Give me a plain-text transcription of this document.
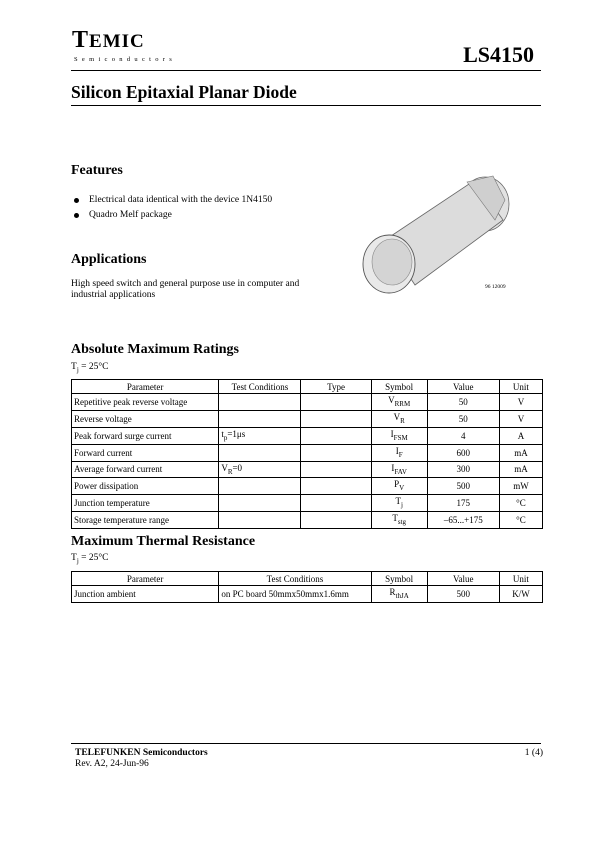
TEMIC
Semiconductors	LS4150
Silicon Epitaxial Planar Diode
Features
Electrical data identical with the device 1N4150
Quadro Melf package
Applications
High speed switch and general purpose use in computer and industrial applications
96 12009
Absolute Maximum Ratings
$T_j = 25^\circ C$
Parameter	Test Conditions	Type	Symbol	Value	Unit
Repetitive peak reverse voltage			$V_{RRM}$	50	V
Reverse voltage			$V_R$	50	V
Peak forward surge current	$t_p=1\mu s$		$I_{FSM}$	4	A
Forward current			$I_F$	600	mA
Average forward current	$V_R=0$		$I_{FAV}$	300	mA
Power dissipation			$P_V$	500	mW
Junction temperature			$T_j$	175	°C
Storage temperature range			$T_{stg}$	–65...+175	°C
Maximum Thermal Resistance
$T_j = 25^\circ C$
Parameter	Test Conditions	Symbol	Value	Unit
Junction ambient	on PC board 50mmx50mmx1.6mm	$R_{thJA}$	500	K/W
TELEFUNKEN Semiconductors
Rev. A2, 24-Jun-96
1 (4)
